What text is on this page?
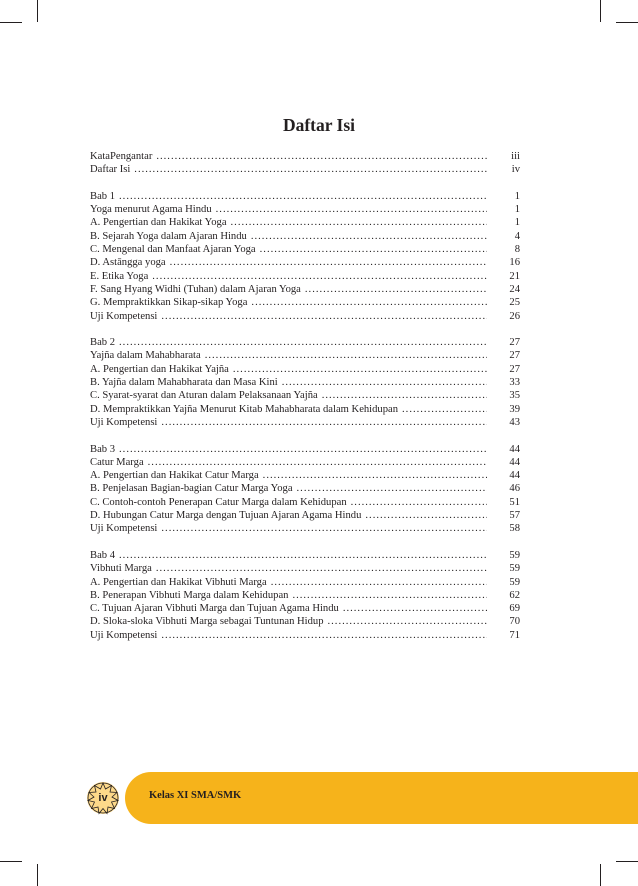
Daftar Isi
KataPengantar .....	iii
Daftar Isi .....	iv
Bab 1 .....	1
Yoga menurut Agama Hindu .....	1
A. Pengertian dan Hakikat Yoga .....	1
B. Sejarah Yoga dalam Ajaran Hindu .....	4
C. Mengenal dan Manfaat Ajaran Yoga .....	8
D. Astāngga yoga .....	16
E. Etika Yoga .....	21
F. Sang Hyang Widhi (Tuhan) dalam Ajaran Yoga .....	24
G. Mempraktikkan Sikap-sikap Yoga .....	25
Uji Kompetensi .....	26
Bab 2 .....	27
Yajña dalam Mahabharata .....	27
A. Pengertian dan Hakikat Yajña .....	27
B. Yajña dalam Mahabharata dan Masa Kini .....	33
C. Syarat-syarat dan Aturan dalam Pelaksanaan Yajña .....	35
D. Mempraktikkan Yajña Menurut Kitab Mahabharata dalam Kehidupan .....	39
Uji Kompetensi .....	43
Bab 3 .....	44
Catur Marga .....	44
A. Pengertian dan Hakikat Catur Marga .....	44
B. Penjelasan Bagian-bagian Catur Marga Yoga .....	46
C. Contoh-contoh Penerapan Catur Marga dalam Kehidupan .....	51
D. Hubungan Catur Marga dengan Tujuan Ajaran Agama Hindu .....	57
Uji Kompetensi .....	58
Bab 4 .....	59
Vibhuti Marga .....	59
A. Pengertian dan Hakikat Vibhuti Marga .....	59
B. Penerapan Vibhuti Marga dalam Kehidupan .....	62
C. Tujuan Ajaran Vibhuti Marga dan Tujuan Agama Hindu .....	69
D. Sloka-sloka Vibhuti Marga sebagai Tuntunan Hidup .....	70
Uji Kompetensi .....	71
iv	Kelas XI SMA/SMK
